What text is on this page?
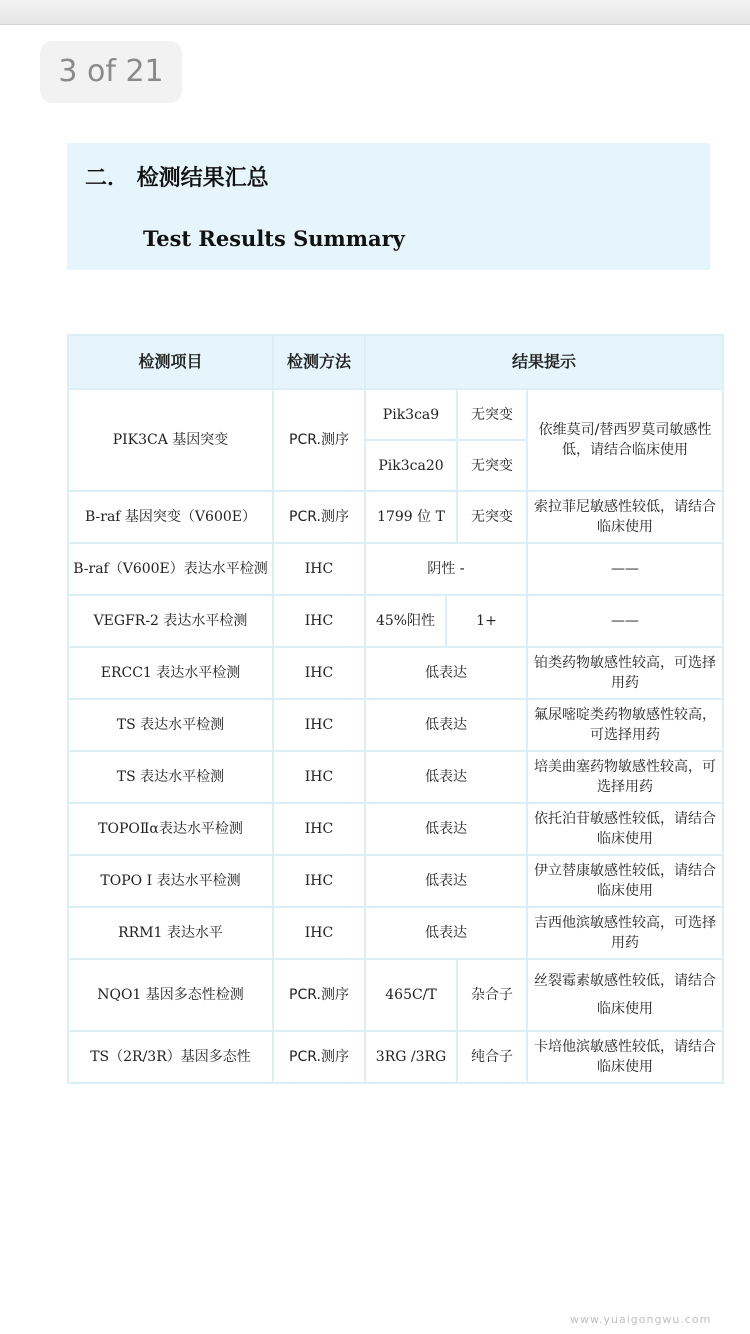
3 of 21
二． 检测结果汇总
Test Results Summary
检测项目	检测方法	结果提示			
PIK3CA 基因突变	PCR.测序	Pik3ca9		无突变	依维莫司/替西罗莫司敏感性低，请结合临床使用
		Pik3ca20		无突变	
B-raf 基因突变（V600E）	PCR.测序	1799 位 T		无突变	索拉菲尼敏感性较低，请结合临床使用
B-raf（V600E）表达水平检测	IHC	阴性 -			——
VEGFR-2 表达水平检测	IHC	45%阳性	1+		——
ERCC1 表达水平检测	IHC	低表达			铂类药物敏感性较高，可选择用药
TS 表达水平检测	IHC	低表达			氟尿嘧啶类药物敏感性较高，可选择用药
TS 表达水平检测	IHC	低表达			培美曲塞药物敏感性较高，可选择用药
TOPOⅡα表达水平检测	IHC	低表达			依托泊苷敏感性较低，请结合临床使用
TOPO Ⅰ 表达水平检测	IHC	低表达			伊立替康敏感性较低，请结合临床使用
RRM1 表达水平	IHC	低表达			吉西他滨敏感性较高，可选择用药
NQO1 基因多态性检测	PCR.测序	465C/T		杂合子	丝裂霉素敏感性较低，请结合临床使用
TS（2R/3R）基因多态性	PCR.测序	3RG /3RG		纯合子	卡培他滨敏感性较低，请结合临床使用
www.yuaigongwu.com
